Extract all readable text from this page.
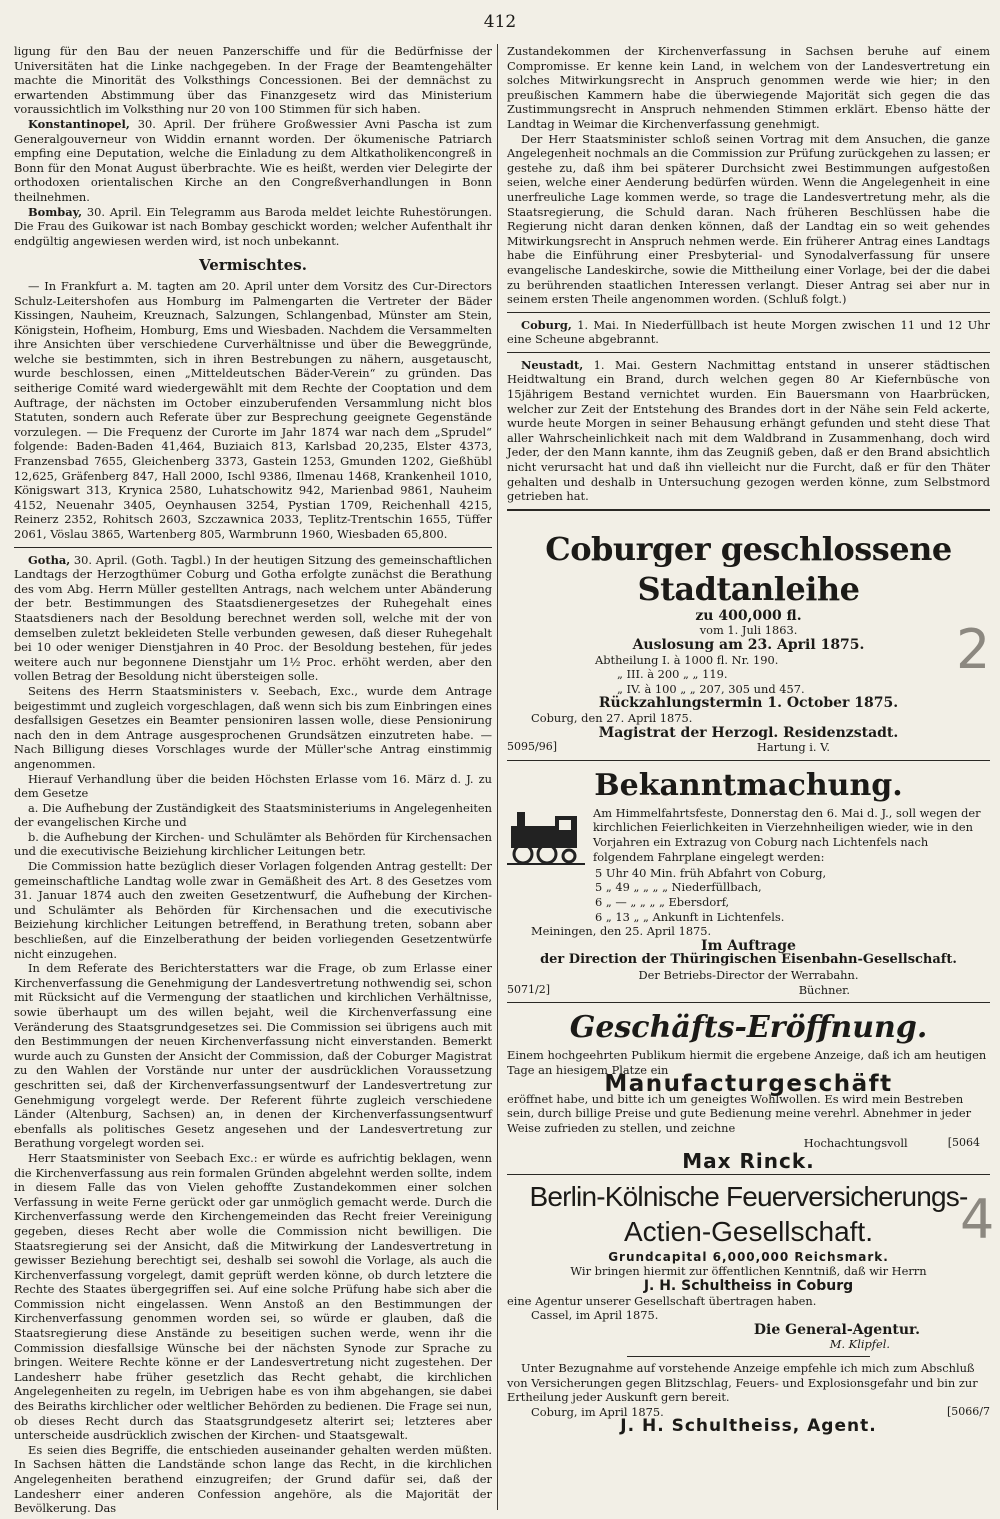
412

ligung für den Bau der neuen Panzerschiffe und für die Bedürfnisse der Universitäten hat die Linke nachgegeben. In der Frage der Beamtengehälter machte die Minorität des Volksthings Concessionen. Bei der demnächst zu erwartenden Abstimmung über das Finanzgesetz wird das Ministerium voraussichtlich im Volksthing nur 20 von 100 Stimmen für sich haben.

Konstantinopel, 30. April. Der frühere Großwessier Avni Pascha ist zum Generalgouverneur von Widdin ernannt worden. Der ökumenische Patriarch empfing eine Deputation, welche die Einladung zu dem Altkatholikencongreß in Bonn für den Monat August überbrachte. Wie es heißt, werden vier Delegirte der orthodoxen orientalischen Kirche an den Congreßverhandlungen in Bonn theilnehmen.

Bombay, 30. April. Ein Telegramm aus Baroda meldet leichte Ruhestörungen. Die Frau des Guikowar ist nach Bombay geschickt worden; welcher Aufenthalt ihr endgültig angewiesen werden wird, ist noch unbekannt.

Vermischtes.

— In Frankfurt a. M. tagten am 20. April unter dem Vorsitz des Cur-Directors Schulz-Leitershofen aus Homburg im Palmengarten die Vertreter der Bäder Kissingen, Nauheim, Kreuznach, Salzungen, Schlangenbad, Münster am Stein, Königstein, Hofheim, Homburg, Ems und Wiesbaden. Nachdem die Versammelten ihre Ansichten über verschiedene Curverhältnisse und über die Beweggründe, welche sie bestimmten, sich in ihren Bestrebungen zu nähern, ausgetauscht, wurde beschlossen, einen „Mitteldeutschen Bäder-Verein“ zu gründen. Das seitherige Comité ward wiedergewählt mit dem Rechte der Cooptation und dem Auftrage, der nächsten im October einzuberufenden Versammlung nicht blos Statuten, sondern auch Referate über zur Besprechung geeignete Gegenstände vorzulegen. — Die Frequenz der Curorte im Jahr 1874 war nach dem „Sprudel“ folgende: Baden-Baden 41,464, Buziaich 813, Karlsbad 20,235, Elster 4373, Franzensbad 7655, Gleichenberg 3373, Gastein 1253, Gmunden 1202, Gießhübl 12,625, Gräfenberg 847, Hall 2000, Ischl 9386, Ilmenau 1468, Krankenheil 1010, Königswart 313, Krynica 2580, Luhatschowitz 942, Marienbad 9861, Nauheim 4152, Neuenahr 3405, Oeynhausen 3254, Pystian 1709, Reichenhall 4215, Reinerz 2352, Rohitsch 2603, Szczawnica 2033, Teplitz-Trentschin 1655, Tüffer 2061, Vöslau 3865, Wartenberg 805, Warmbrunn 1960, Wiesbaden 65,800.

Gotha, 30. April. (Goth. Tagbl.) In der heutigen Sitzung des gemeinschaftlichen Landtags der Herzogthümer Coburg und Gotha erfolgte zunächst die Berathung des vom Abg. Herrn Müller gestellten Antrags, nach welchem unter Abänderung der betr. Bestimmungen des Staatsdienergesetzes der Ruhegehalt eines Staatsdieners nach der Besoldung berechnet werden soll, welche mit der von demselben zuletzt bekleideten Stelle verbunden gewesen, daß dieser Ruhegehalt bei 10 oder weniger Dienstjahren in 40 Proc. der Besoldung bestehen, für jedes weitere auch nur begonnene Dienstjahr um 1½ Proc. erhöht werden, aber den vollen Betrag der Besoldung nicht übersteigen solle.

Seitens des Herrn Staatsministers v. Seebach, Exc., wurde dem Antrage beigestimmt und zugleich vorgeschlagen, daß wenn sich bis zum Einbringen eines desfallsigen Gesetzes ein Beamter pensioniren lassen wolle, diese Pensionirung nach den in dem Antrage ausgesprochenen Grundsätzen einzutreten habe. — Nach Billigung dieses Vorschlages wurde der Müller'sche Antrag einstimmig angenommen.

Hierauf Verhandlung über die beiden Höchsten Erlasse vom 16. März d. J. zu dem Gesetze

a. Die Aufhebung der Zuständigkeit des Staatsministeriums in Angelegenheiten der evangelischen Kirche und

b. die Aufhebung der Kirchen- und Schulämter als Behörden für Kirchensachen und die executivische Beiziehung kirchlicher Leitungen betr.

Die Commission hatte bezüglich dieser Vorlagen folgenden Antrag gestellt: Der gemeinschaftliche Landtag wolle zwar in Gemäßheit des Art. 8 des Gesetzes vom 31. Januar 1874 auch den zweiten Gesetzentwurf, die Aufhebung der Kirchen- und Schulämter als Behörden für Kirchensachen und die executivische Beiziehung kirchlicher Leitungen betreffend, in Berathung treten, sobann aber beschließen, auf die Einzelberathung der beiden vorliegenden Gesetzentwürfe nicht einzugehen.

In dem Referate des Berichterstatters war die Frage, ob zum Erlasse einer Kirchenverfassung die Genehmigung der Landesvertretung nothwendig sei, schon mit Rücksicht auf die Vermengung der staatlichen und kirchlichen Verhältnisse, sowie überhaupt um des willen bejaht, weil die Kirchenverfassung eine Veränderung des Staatsgrundgesetzes sei. Die Commission sei übrigens auch mit den Bestimmungen der neuen Kirchenverfassung nicht einverstanden. Bemerkt wurde auch zu Gunsten der Ansicht der Commission, daß der Coburger Magistrat zu den Wahlen der Vorstände nur unter der ausdrücklichen Voraussetzung geschritten sei, daß der Kirchenverfassungsentwurf der Landesvertretung zur Genehmigung vorgelegt werde. Der Referent führte zugleich verschiedene Länder (Altenburg, Sachsen) an, in denen der Kirchenverfassungsentwurf ebenfalls als politisches Gesetz angesehen und der Landesvertretung zur Berathung vorgelegt worden sei.

Herr Staatsminister von Seebach Exc.: er würde es aufrichtig beklagen, wenn die Kirchenverfassung aus rein formalen Gründen abgelehnt werden sollte, indem in diesem Falle das von Vielen gehoffte Zustandekommen einer solchen Verfassung in weite Ferne gerückt oder gar unmöglich gemacht werde. Durch die Kirchenverfassung werde den Kirchengemeinden das Recht freier Vereinigung gegeben, dieses Recht aber wolle die Commission nicht bewilligen. Die Staatsregierung sei der Ansicht, daß die Mitwirkung der Landesvertretung in gewisser Beziehung berechtigt sei, deshalb sei sowohl die Vorlage, als auch die Kirchenverfassung vorgelegt, damit geprüft werden könne, ob durch letztere die Rechte des Staates übergegriffen sei. Auf eine solche Prüfung habe sich aber die Commission nicht eingelassen. Wenn Anstoß an den Bestimmungen der Kirchenverfassung genommen worden sei, so würde er glauben, daß die Staatsregierung diese Anstände zu beseitigen suchen werde, wenn ihr die Commission diesfallsige Wünsche bei der nächsten Synode zur Sprache zu bringen. Weitere Rechte könne er der Landesvertretung nicht zugestehen. Der Landesherr habe früher gesetzlich das Recht gehabt, die kirchlichen Angelegenheiten zu regeln, im Uebrigen habe es von ihm abgehangen, sie dabei des Beiraths kirchlicher oder weltlicher Behörden zu bedienen. Die Frage sei nun, ob dieses Recht durch das Staatsgrundgesetz alterirt sei; letzteres aber unterscheide ausdrücklich zwischen der Kirchen- und Staatsgewalt.

Es seien dies Begriffe, die entschieden auseinander gehalten werden müßten. In Sachsen hätten die Landstände schon lange das Recht, in die kirchlichen Angelegenheiten berathend einzugreifen; der Grund dafür sei, daß der Landesherr einer anderen Confession angehöre, als die Majorität der Bevölkerung. Das

Zustandekommen der Kirchenverfassung in Sachsen beruhe auf einem Compromisse. Er kenne kein Land, in welchem von der Landesvertretung ein solches Mitwirkungsrecht in Anspruch genommen werde wie hier; in den preußischen Kammern habe die überwiegende Majorität sich gegen die das Zustimmungsrecht in Anspruch nehmenden Stimmen erklärt. Ebenso hätte der Landtag in Weimar die Kirchenverfassung genehmigt.

Der Herr Staatsminister schloß seinen Vortrag mit dem Ansuchen, die ganze Angelegenheit nochmals an die Commission zur Prüfung zurückgehen zu lassen; er gestehe zu, daß ihm bei späterer Durchsicht zwei Bestimmungen aufgestoßen seien, welche einer Aenderung bedürfen würden. Wenn die Angelegenheit in eine unerfreuliche Lage kommen werde, so trage die Landesvertretung mehr, als die Staatsregierung, die Schuld daran. Nach früheren Beschlüssen habe die Regierung nicht daran denken können, daß der Landtag ein so weit gehendes Mitwirkungsrecht in Anspruch nehmen werde. Ein früherer Antrag eines Landtags habe die Einführung einer Presbyterial- und Synodalverfassung für unsere evangelische Landeskirche, sowie die Mittheilung einer Vorlage, bei der die dabei zu berührenden staatlichen Interessen verlangt. Dieser Antrag sei aber nur in seinem ersten Theile angenommen worden. (Schluß folgt.)

Coburg, 1. Mai. In Niederfüllbach ist heute Morgen zwischen 11 und 12 Uhr eine Scheune abgebrannt.

Neustadt, 1. Mai. Gestern Nachmittag entstand in unserer städtischen Heidtwaltung ein Brand, durch welchen gegen 80 Ar Kiefernbüsche von 15jährigem Bestand vernichtet wurden. Ein Bauersmann von Haarbrücken, welcher zur Zeit der Entstehung des Brandes dort in der Nähe sein Feld ackerte, wurde heute Morgen in seiner Behausung erhängt gefunden und steht diese That aller Wahrscheinlichkeit nach mit dem Waldbrand in Zusammenhang, doch wird Jeder, der den Mann kannte, ihm das Zeugniß geben, daß er den Brand absichtlich nicht verursacht hat und daß ihn vielleicht nur die Furcht, daß er für den Thäter gehalten und deshalb in Untersuchung gezogen werden könne, zum Selbstmord getrieben hat.

Coburger geschlossene Stadtanleihe

zu 400,000 fl.

vom 1. Juli 1863.

Auslosung am 23. April 1875.

Abtheilung I. à 1000 fl. Nr. 190.

„ III. à 200 „ „ 119.

„ IV. à 100 „ „ 207, 305 und 457.

Rückzahlungstermin 1. October 1875.

Coburg, den 27. April 1875.

Magistrat der Herzogl. Residenzstadt.

5095/96]	Hartung i. V.

Bekanntmachung.

Am Himmelfahrtsfeste, Donnerstag den 6. Mai d. J., soll wegen der kirchlichen Feierlichkeiten in Vierzehnheiligen wieder, wie in den Vorjahren ein Extrazug von Coburg nach Lichtenfels nach folgendem Fahrplane eingelegt werden:

5 Uhr 40 Min. früh Abfahrt von Coburg,

5 „ 49 „ „ „ „ Niederfüllbach,

6 „ — „ „ „ „ Ebersdorf,

6 „ 13 „ „ Ankunft in Lichtenfels.

Meiningen, den 25. April 1875.

Im Auftrage

der Direction der Thüringischen Eisenbahn-Gesellschaft.

Der Betriebs-Director der Werrabahn.

5071/2]	Büchner.

Geschäfts-Eröffnung.

Einem hochgeehrten Publikum hiermit die ergebene Anzeige, daß ich am heutigen Tage an hiesigem Platze ein

Manufacturgeschäft

eröffnet habe, und bitte ich um geneigtes Wohlwollen. Es wird mein Bestreben sein, durch billige Preise und gute Bedienung meine verehrl. Abnehmer in jeder Weise zufrieden zu stellen, und zeichne

Hochachtungsvoll	[5064

Max Rinck.

Berlin-Kölnische Feuerversicherungs-

Actien-Gesellschaft.

Grundcapital 6,000,000 Reichsmark.

Wir bringen hiermit zur öffentlichen Kenntniß, daß wir Herrn

J. H. Schultheiss in Coburg

eine Agentur unserer Gesellschaft übertragen haben.

Cassel, im April 1875.

Die General-Agentur.

M. Klipfel.

Unter Bezugnahme auf vorstehende Anzeige empfehle ich mich zum Abschluß von Versicherungen gegen Blitzschlag, Feuers- und Explosionsgefahr und bin zur Ertheilung jeder Auskunft gern bereit.

Coburg, im April 1875.	[5066/7

J. H. Schultheiss, Agent.

2
4
